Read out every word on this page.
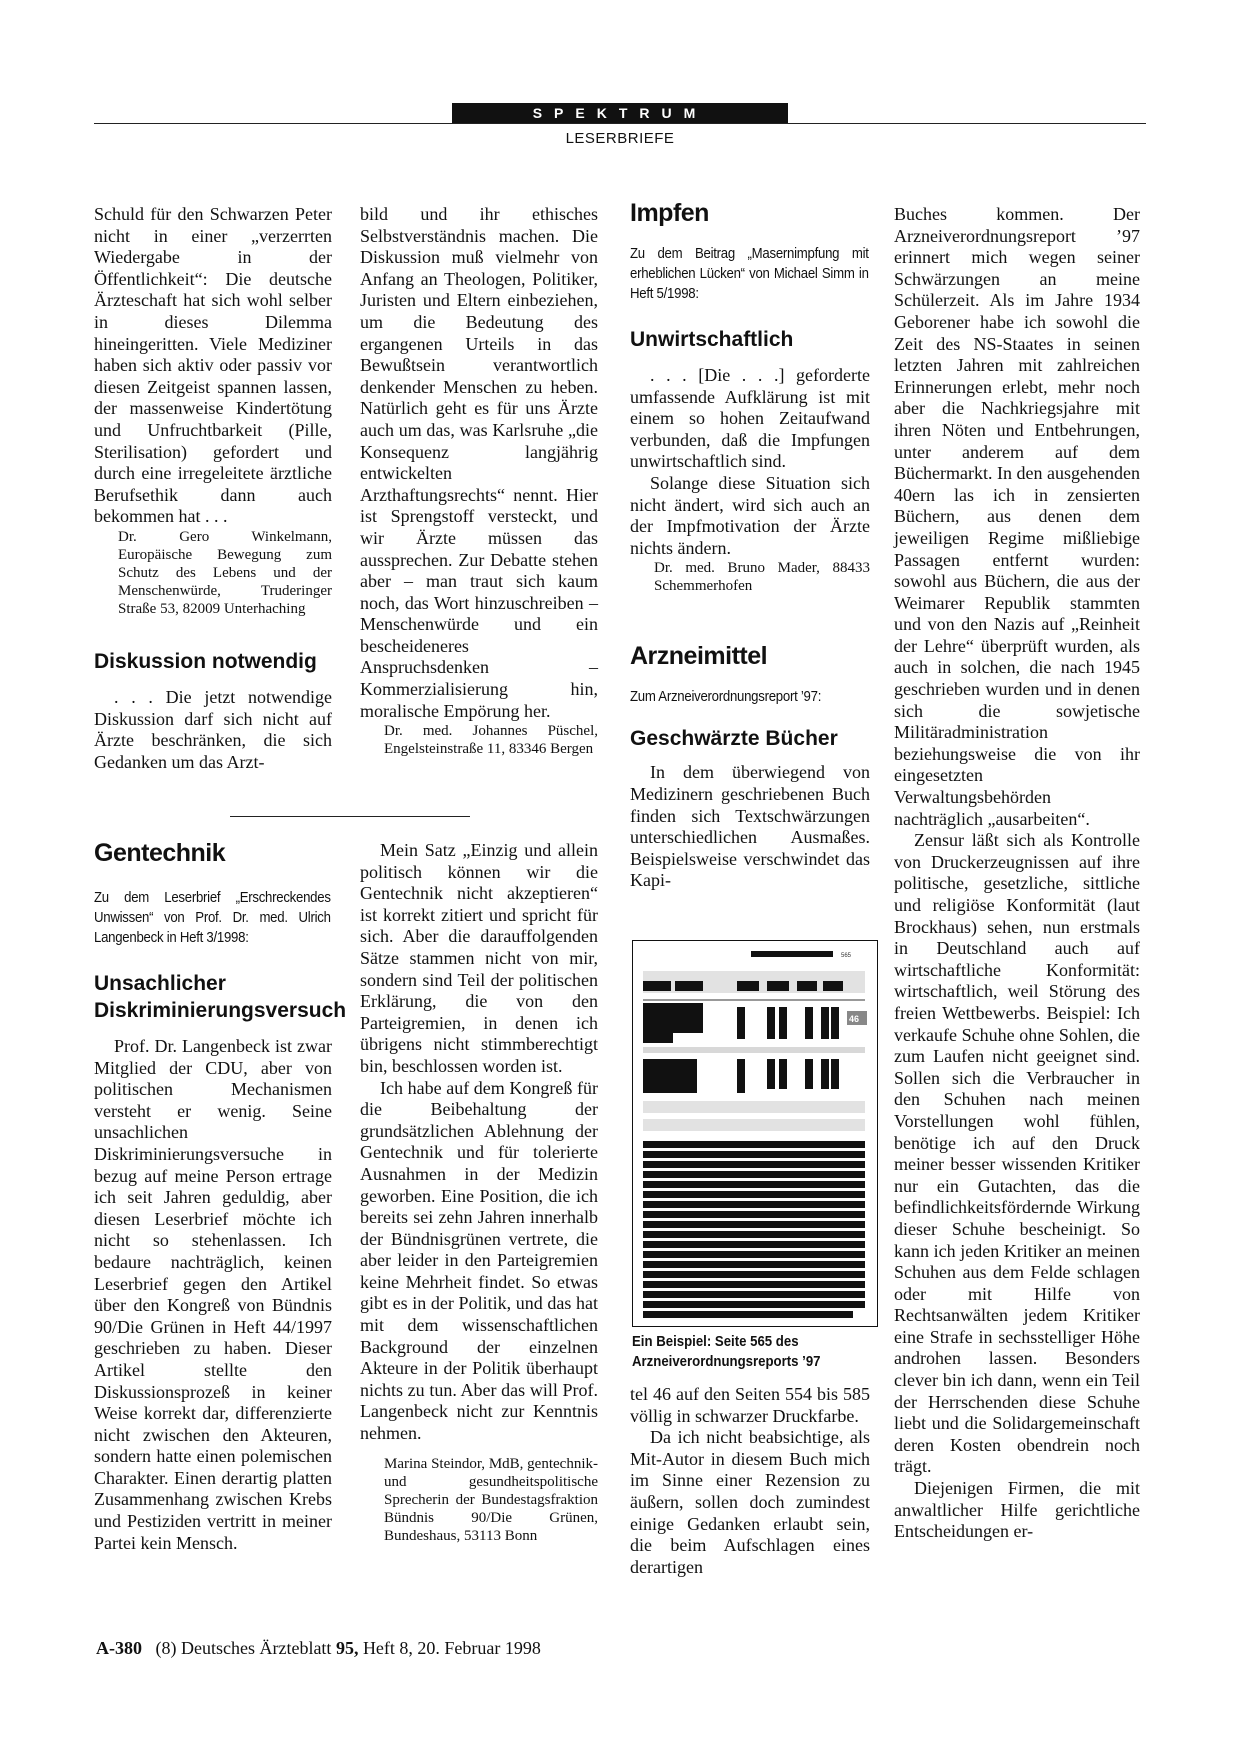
SPEKTRUM
LESERBRIEFE

Schuld für den Schwarzen Peter nicht in einer „verzerrten Wiedergabe in der Öffentlichkeit“: Die deutsche Ärzteschaft hat sich wohl selber in dieses Dilemma hineingeritten. Viele Mediziner haben sich aktiv oder passiv vor diesen Zeitgeist spannen lassen, der massenweise Kindertötung und Unfruchtbarkeit (Pille, Sterilisation) gefordert und durch eine irregeleitete ärztliche Berufsethik dann auch bekommen hat . . .

Dr. Gero Winkelmann, Europäische Bewegung zum Schutz des Lebens und der Menschenwürde, Truderinger Straße 53, 82009 Unterhaching

Diskussion notwendig

. . . Die jetzt notwendige Diskussion darf sich nicht auf Ärzte beschränken, die sich Gedanken um das Arzt-

bild und ihr ethisches Selbstverständnis machen. Die Diskussion muß vielmehr von Anfang an Theologen, Politiker, Juristen und Eltern einbeziehen, um die Bedeutung des ergangenen Urteils in das Bewußtsein verantwortlich denkender Menschen zu heben. Natürlich geht es für uns Ärzte auch um das, was Karlsruhe „die Konsequenz langjährig entwickelten Arzthaftungsrechts“ nennt. Hier ist Sprengstoff versteckt, und wir Ärzte müssen das aussprechen. Zur Debatte stehen aber – man traut sich kaum noch, das Wort hinzuschreiben – Menschenwürde und ein bescheideneres Anspruchsdenken – Kommerzialisierung hin, moralische Empörung her.

Dr. med. Johannes Püschel, Engelsteinstraße 11, 83346 Bergen

Gentechnik

Zu dem Leserbrief „Erschreckendes Unwissen“ von Prof. Dr. med. Ulrich Langenbeck in Heft 3/1998:

Unsachlicher Diskriminierungsversuch

Prof. Dr. Langenbeck ist zwar Mitglied der CDU, aber von politischen Mechanismen versteht er wenig. Seine unsachlichen Diskriminierungsversuche in bezug auf meine Person ertrage ich seit Jahren geduldig, aber diesen Leserbrief möchte ich nicht so stehenlassen. Ich bedaure nachträglich, keinen Leserbrief gegen den Artikel über den Kongreß von Bündnis 90/Die Grünen in Heft 44/1997 geschrieben zu haben. Dieser Artikel stellte den Diskussionsprozeß in keiner Weise korrekt dar, differenzierte nicht zwischen den Akteuren, sondern hatte einen polemischen Charakter. Einen derartig platten Zusammenhang zwischen Krebs und Pestiziden vertritt in meiner Partei kein Mensch.

Mein Satz „Einzig und allein politisch können wir die Gentechnik nicht akzeptieren“ ist korrekt zitiert und spricht für sich. Aber die darauffolgenden Sätze stammen nicht von mir, sondern sind Teil der politischen Erklärung, die von den Parteigremien, in denen ich übrigens nicht stimmberechtigt bin, beschlossen worden ist.

Ich habe auf dem Kongreß für die Beibehaltung der grundsätzlichen Ablehnung der Gentechnik und für tolerierte Ausnahmen in der Medizin geworben. Eine Position, die ich bereits sei zehn Jahren innerhalb der Bündnisgrünen vertrete, die aber leider in den Parteigremien keine Mehrheit findet. So etwas gibt es in der Politik, und das hat mit dem wissenschaftlichen Background der einzelnen Akteure in der Politik überhaupt nichts zu tun. Aber das will Prof. Langenbeck nicht zur Kenntnis nehmen.

Marina Steindor, MdB, gentechnik- und gesundheitspolitische Sprecherin der Bundestagsfraktion Bündnis 90/Die Grünen, Bundeshaus, 53113 Bonn

Impfen

Zu dem Beitrag „Masernimpfung mit erheblichen Lücken“ von Michael Simm in Heft 5/1998:

Unwirtschaftlich

. . . [Die . . .] geforderte umfassende Aufklärung ist mit einem so hohen Zeitaufwand verbunden, daß die Impfungen unwirtschaftlich sind.

Solange diese Situation sich nicht ändert, wird sich auch an der Impfmotivation der Ärzte nichts ändern.

Dr. med. Bruno Mader, 88433 Schemmerhofen

Arzneimittel

Zum Arzneiverordnungsreport ’97:

Geschwärzte Bücher

In dem überwiegend von Medizinern geschriebenen Buch finden sich Textschwärzungen unterschiedlichen Ausmaßes. Beispielsweise verschwindet das Kapi-

565
46
Ein Beispiel: Seite 565 des Arzneiverordnungsreports ’97

tel 46 auf den Seiten 554 bis 585 völlig in schwarzer Druckfarbe.

Da ich nicht beabsichtige, als Mit-Autor in diesem Buch mich im Sinne einer Rezension zu äußern, sollen doch zumindest einige Gedanken erlaubt sein, die beim Aufschlagen eines derartigen

Buches kommen. Der Arzneiverordnungsreport ’97 erinnert mich wegen seiner Schwärzungen an meine Schülerzeit. Als im Jahre 1934 Geborener habe ich sowohl die Zeit des NS-Staates in seinen letzten Jahren mit zahlreichen Erinnerungen erlebt, mehr noch aber die Nachkriegsjahre mit ihren Nöten und Entbehrungen, unter anderem auf dem Büchermarkt. In den ausgehenden 40ern las ich in zensierten Büchern, aus denen dem jeweiligen Regime mißliebige Passagen entfernt wurden: sowohl aus Büchern, die aus der Weimarer Republik stammten und von den Nazis auf „Reinheit der Lehre“ überprüft wurden, als auch in solchen, die nach 1945 geschrieben wurden und in denen sich die sowjetische Militäradministration beziehungsweise die von ihr eingesetzten Verwaltungsbehörden nachträglich „ausarbeiten“.

Zensur läßt sich als Kontrolle von Druckerzeugnissen auf ihre politische, gesetzliche, sittliche und religiöse Konformität (laut Brockhaus) sehen, nun erstmals in Deutschland auch auf wirtschaftliche Konformität: wirtschaftlich, weil Störung des freien Wettbewerbs. Beispiel: Ich verkaufe Schuhe ohne Sohlen, die zum Laufen nicht geeignet sind. Sollen sich die Verbraucher in den Schuhen nach meinen Vorstellungen wohl fühlen, benötige ich auf den Druck meiner besser wissenden Kritiker nur ein Gutachten, das die befindlichkeitsfördernde Wirkung dieser Schuhe bescheinigt. So kann ich jeden Kritiker an meinen Schuhen aus dem Felde schlagen oder mit Hilfe von Rechtsanwälten jedem Kritiker eine Strafe in sechsstelliger Höhe androhen lassen. Besonders clever bin ich dann, wenn ein Teil der Herrschenden diese Schuhe liebt und die Solidargemeinschaft deren Kosten obendrein noch trägt.

Diejenigen Firmen, die mit anwaltlicher Hilfe gerichtliche Entscheidungen er-

A-380 (8) Deutsches Ärzteblatt 95, Heft 8, 20. Februar 1998
